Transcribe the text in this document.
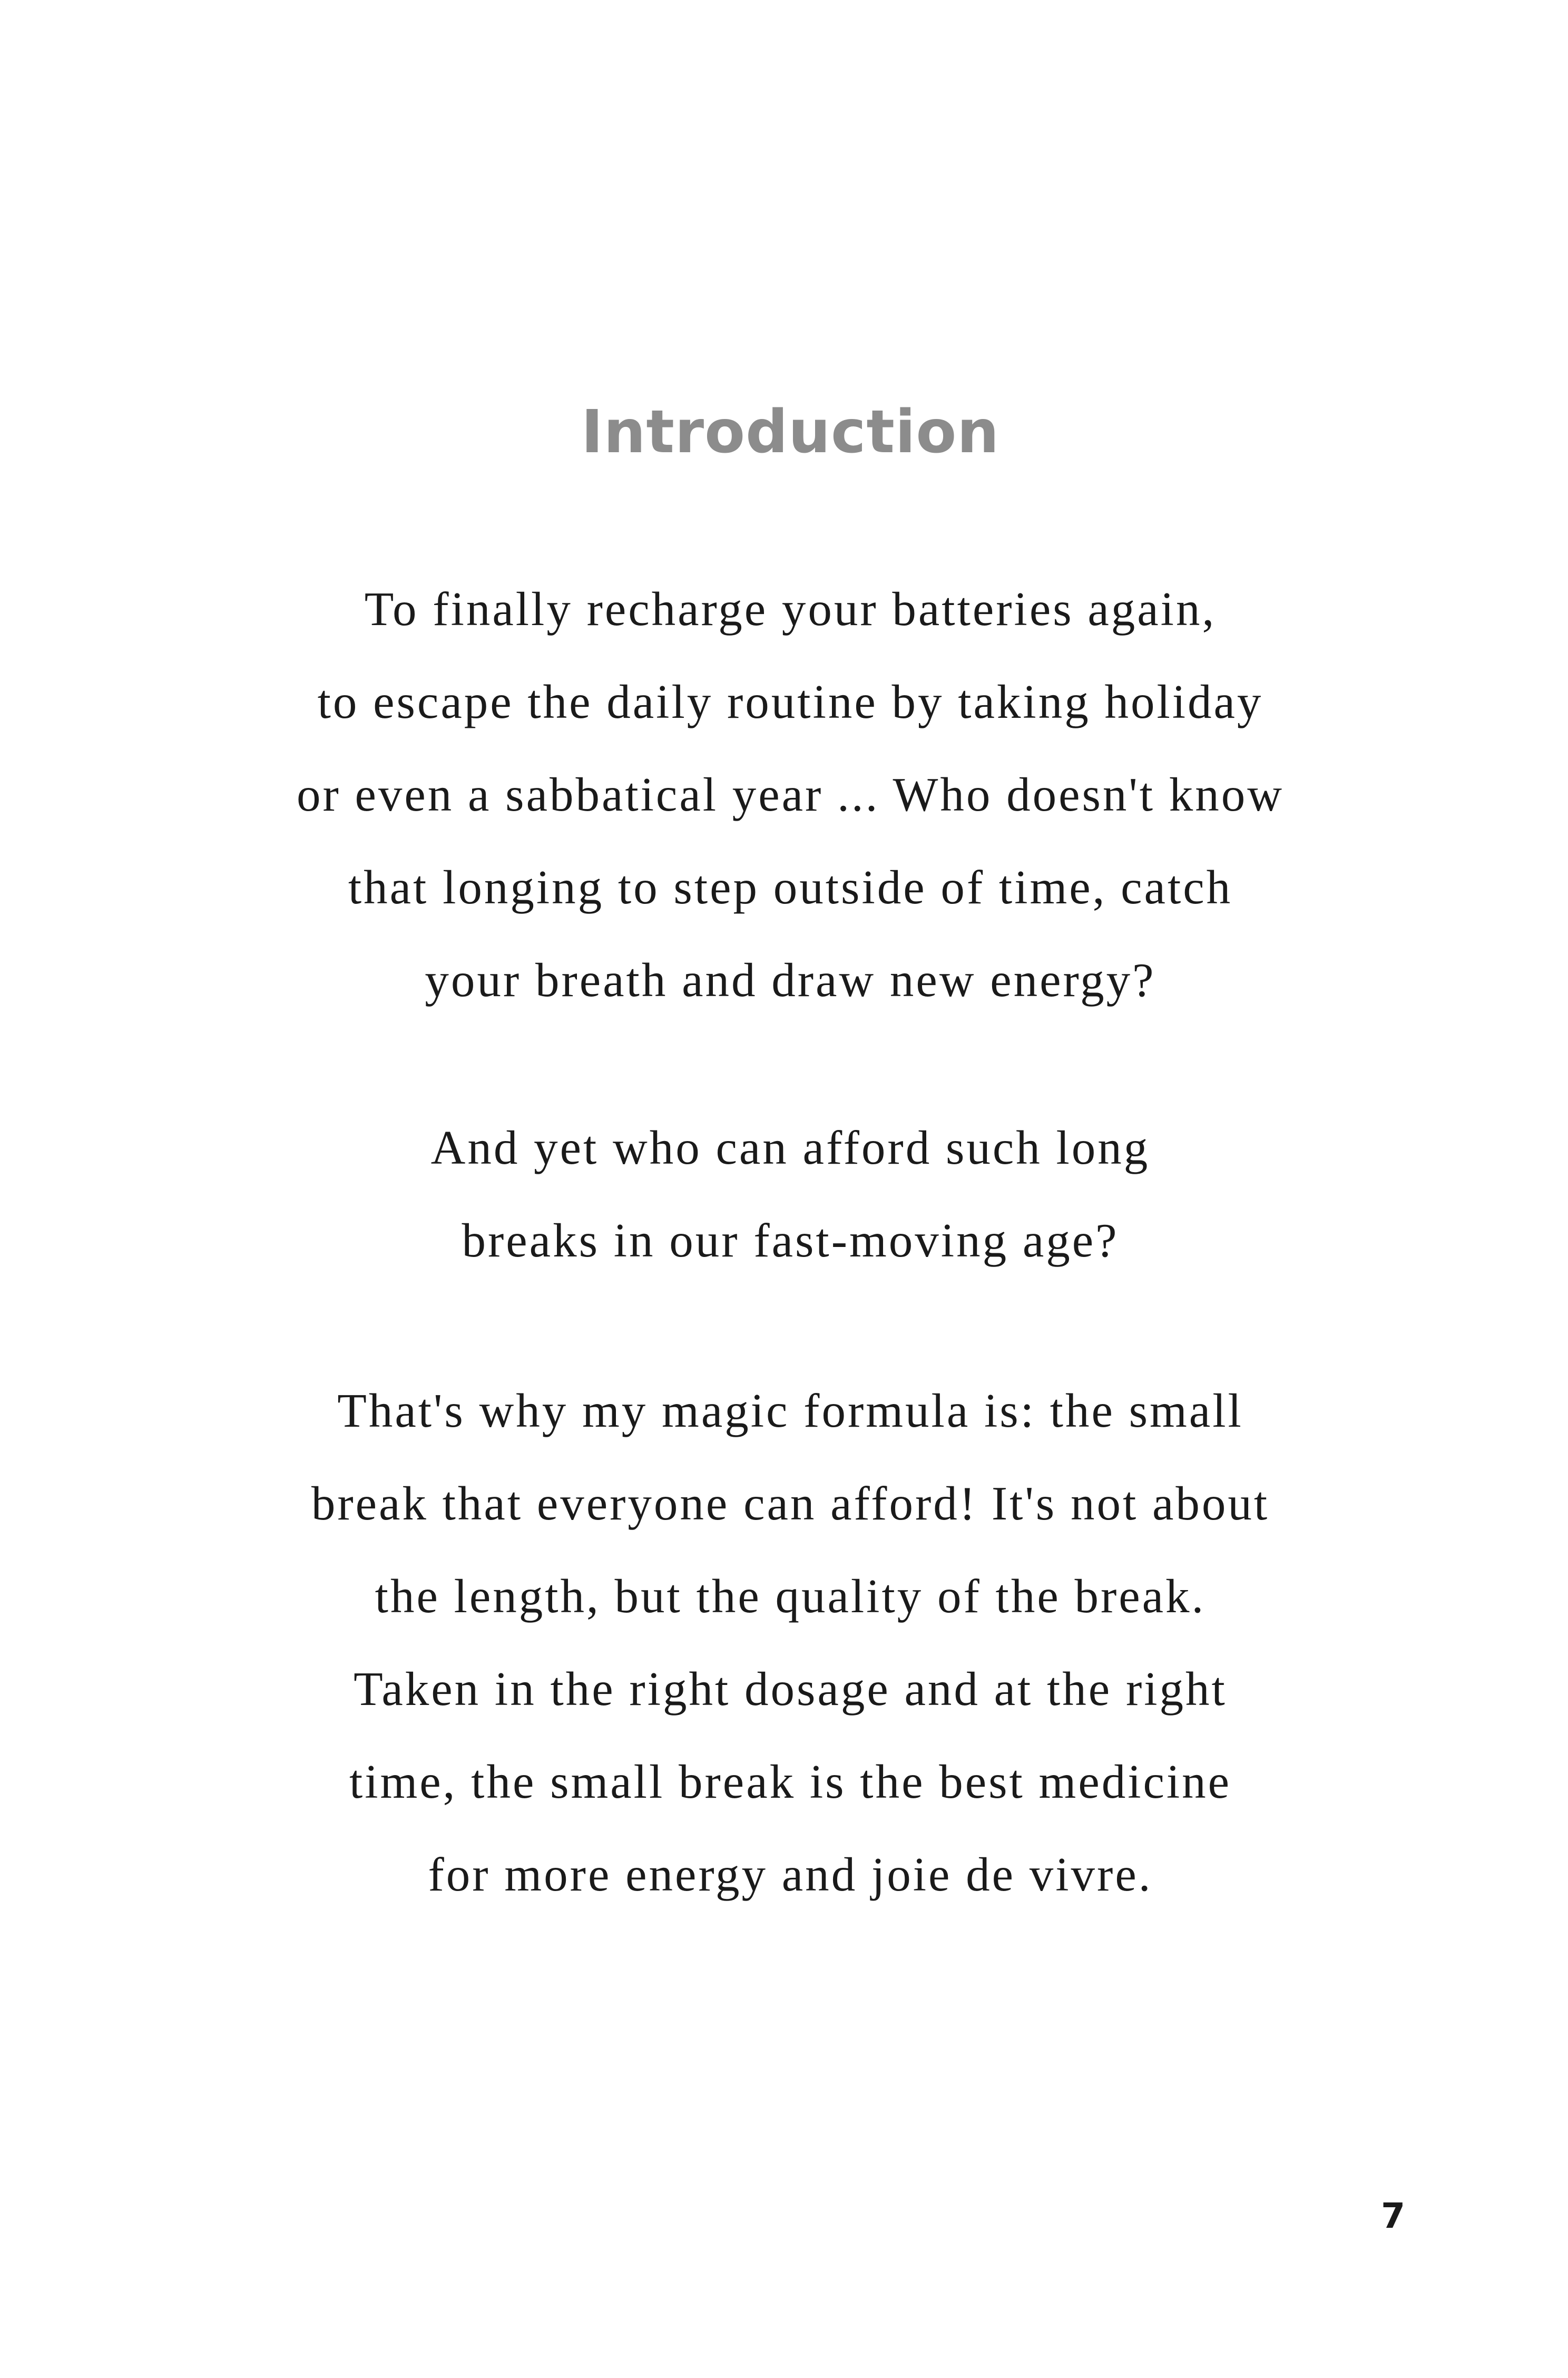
Introduction
To finally recharge your batteries again,
to escape the daily routine by taking holiday
or even a sabbatical year ... Who doesn't know
that longing to step outside of time, catch
your breath and draw new energy?
And yet who can afford such long
breaks in our fast-moving age?
That's why my magic formula is: the small
break that everyone can afford! It's not about
the length, but the quality of the break.
Taken in the right dosage and at the right
time, the small break is the best medicine
for more energy and joie de vivre.
7
